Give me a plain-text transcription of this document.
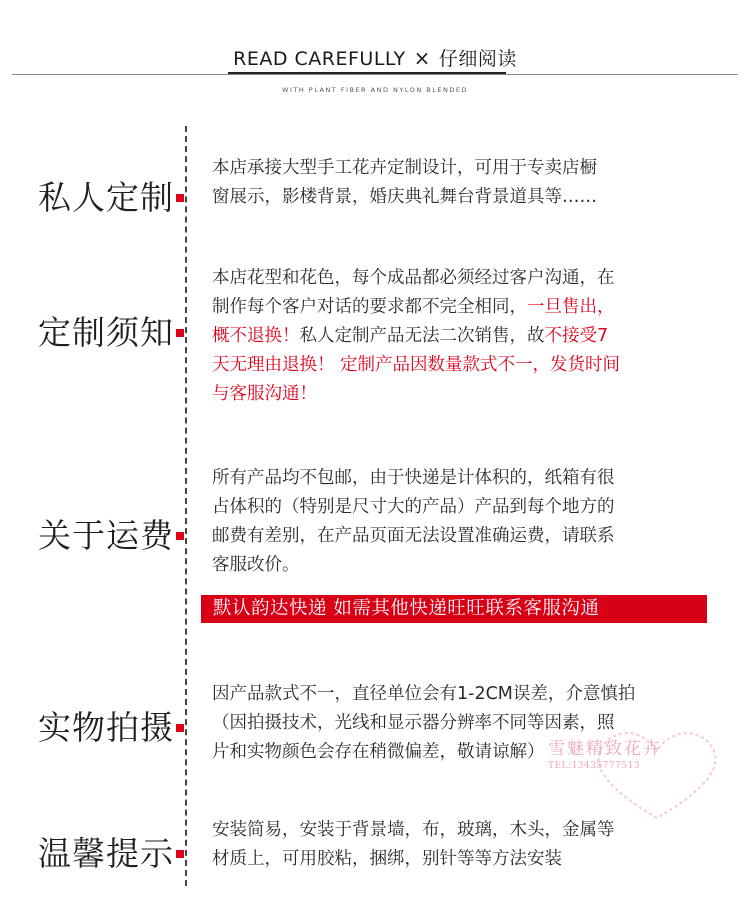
READ CAREFULLY × 仔细阅读
WITH PLANT FIBER AND NYLON BLENDED
私人定制
本店承接大型手工花卉定制设计，可用于专卖店橱
窗展示，影楼背景，婚庆典礼舞台背景道具等……
定制须知
本店花型和花色，每个成品都必须经过客户沟通，在
制作每个客户对话的要求都不完全相同，一旦售出，
概不退换！私人定制产品无法二次销售，故不接受7
天无理由退换！ 定制产品因数量款式不一，发货时间
与客服沟通！
关于运费
所有产品均不包邮，由于快递是计体积的，纸箱有很
占体积的（特别是尺寸大的产品）产品到每个地方的
邮费有差别，在产品页面无法设置准确运费，请联系
客服改价。
默认韵达快递 如需其他快递旺旺联系客服沟通
实物拍摄
因产品款式不一，直径单位会有1-2CM误差，介意慎拍
（因拍摄技术，光线和显示器分辨率不同等因素，照
片和实物颜色会存在稍微偏差，敬请谅解）
温馨提示
安装简易，安装于背景墙，布，玻璃，木头，金属等
材质上，可用胶粘，捆绑，别针等等方法安装
雪魅精致花卉
TEL:13435777513
